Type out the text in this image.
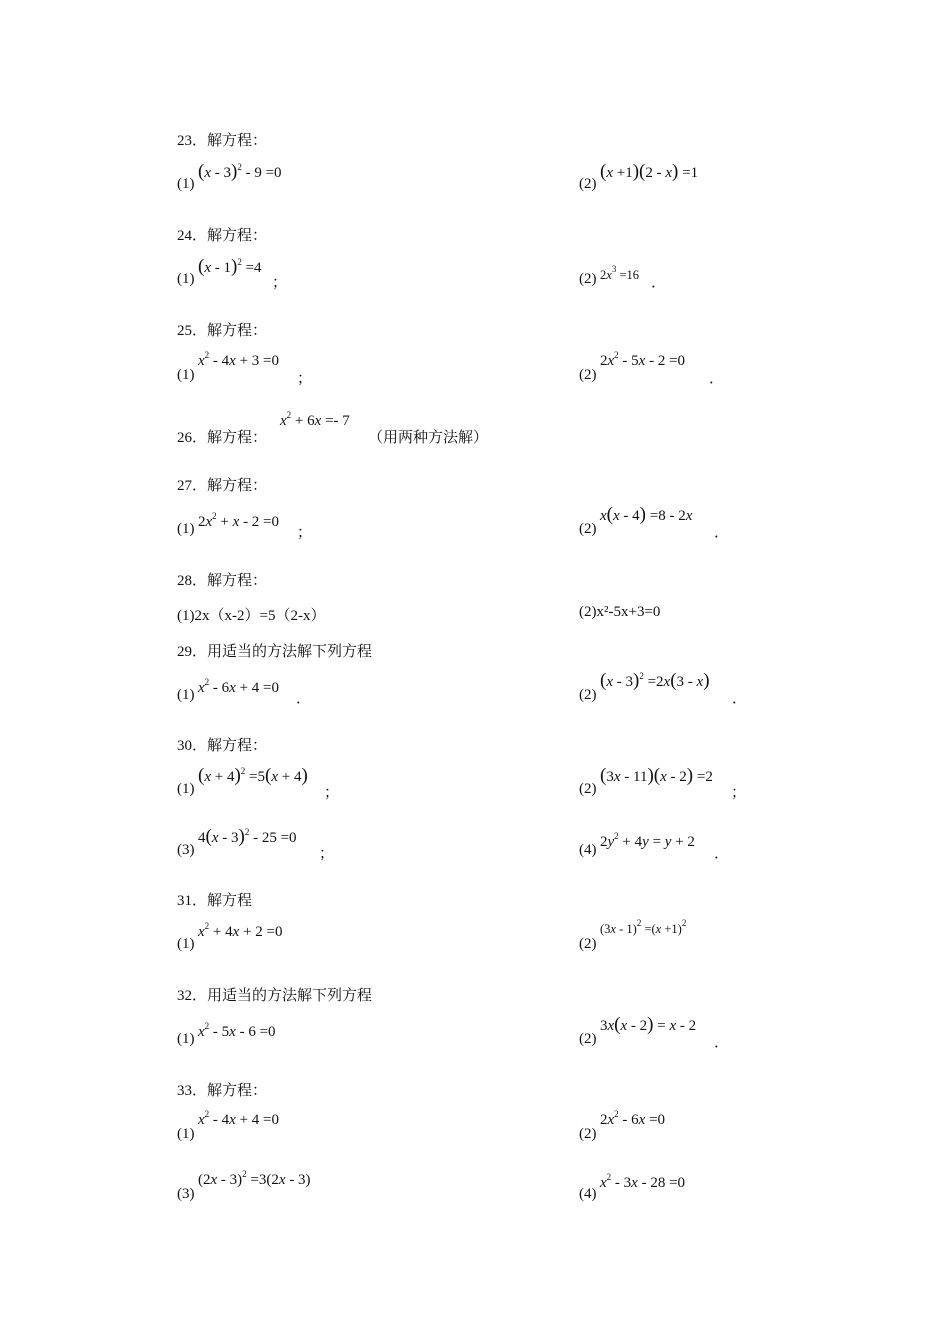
23．解方程：
(1)
(x - 3)$^2$ - 9 =0
(2)
(x +1)(2 - x) =1
24．解方程：
(1)
(x - 1)$^2$ =4
；	(2) $2x^3 =16$ ．
25．解方程：
(1)
$x^2 - 4x + 3 =0$
；	(2)
$2x^2 - 5x - 2 =0$
．
26．解方程：
$x^2 + 6x =- 7$
（用两种方法解）
27．解方程：
(1) $2x^2 + x - 2 =0$
；	(2)
x(x - 4) =8 - 2x
．
28．解方程：
(1)2x（x-2）=5（2-x）	(2)x²-5x+3=0
29．用适当的方法解下列方程
(1) $x^2 - 6x + 4 =0$
．	(2)
(x - 3)$^2$ =2x(3 - x)
．
30．解方程：
(1)
$(x + 4)^2 =5(x + 4)$
；	(2)
(3x - 11)(x - 2) =2
；
(3)
4(x - 3)$^2$ - 25 =0
；	(4) $2y^2 + 4y = y + 2$
．
31．解方程
(1)
$x^2 + 4x + 2 =0$
(2)
$(3x - 1)^2 =(x +1)^2$
32．用适当的方法解下列方程
(1) $x^2 - 5x - 6 =0$	(2)
3x(x - 2) = x - 2
．
33．解方程：
(1)
$x^2 - 4x + 4 =0$
(2)
$2x^2 - 6x =0$
(3)
(2x - 3)$^2$ =3(2x - 3)
(4)
$x^2 - 3x - 28 =0$
